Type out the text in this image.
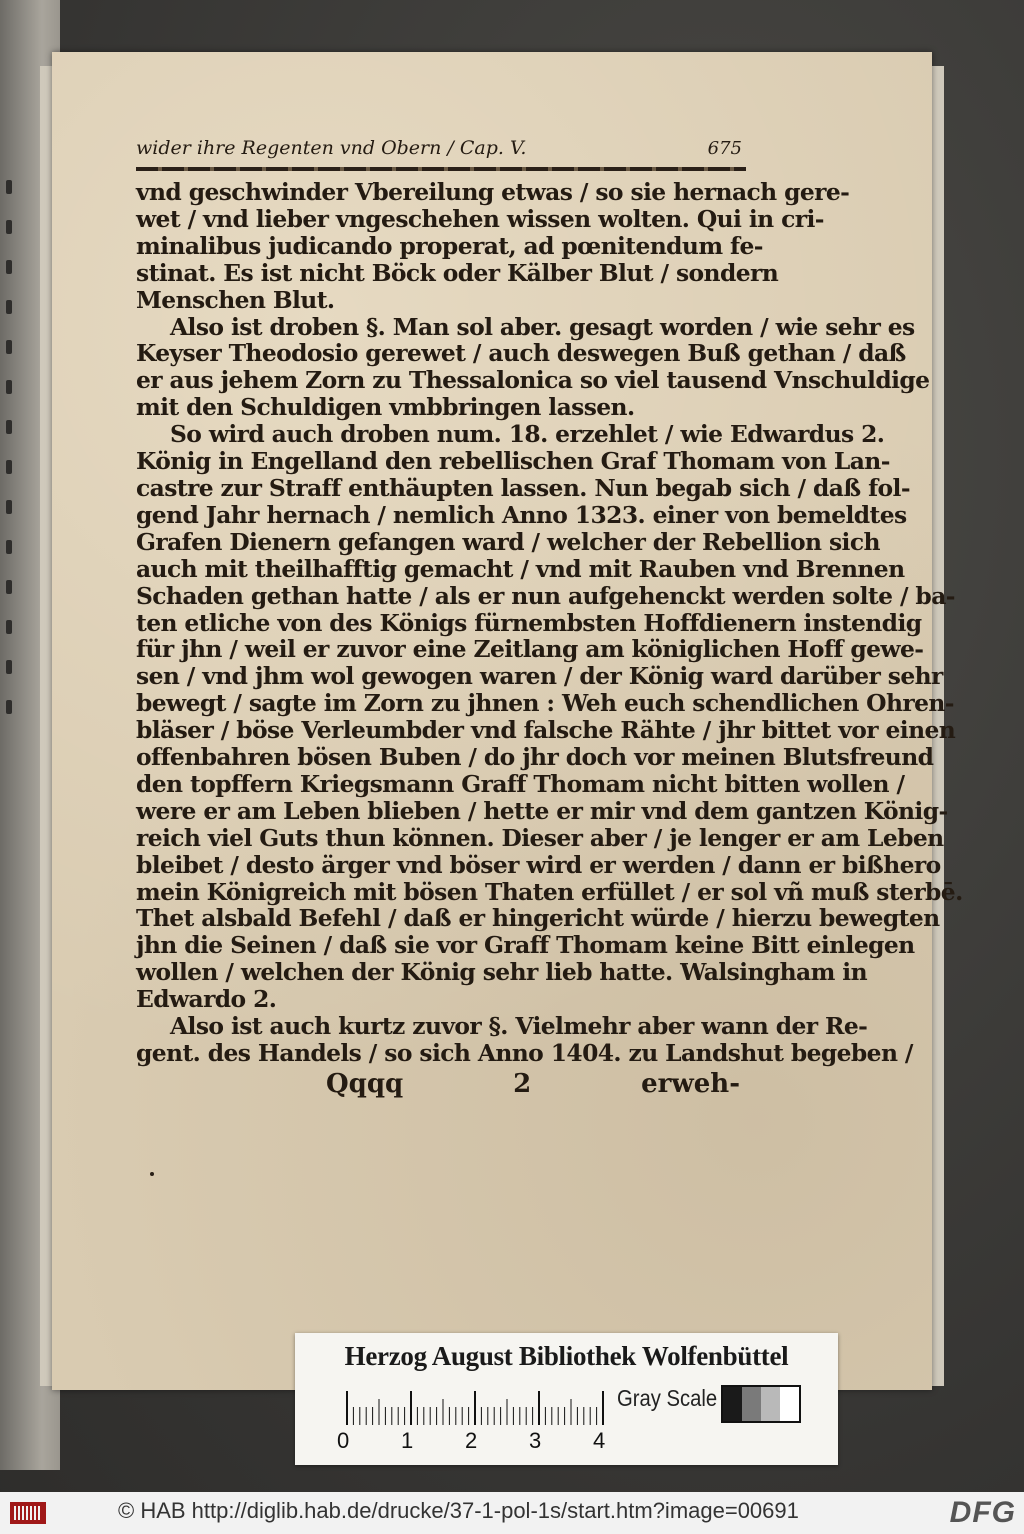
wider ihre Regenten vnd Obern / Cap. V.	675
vnd geschwinder Vbereilung etwas / so sie hernach gere-
wet / vnd lieber vngeschehen wissen wolten. Qui in cri-
minalibus judicando properat, ad pœnitendum fe-
stinat. Es ist nicht Böck oder Kälber Blut / sondern
Menschen Blut.
Also ist droben §. Man sol aber. gesagt worden / wie sehr es
Keyser Theodosio gerewet / auch deswegen Buß gethan / daß
er aus jehem Zorn zu Thessalonica so viel tausend Vnschuldige
mit den Schuldigen vmbbringen lassen.
So wird auch droben num. 18. erzehlet / wie Edwardus 2.
König in Engelland den rebellischen Graf Thomam von Lan-
castre zur Straff enthäupten lassen. Nun begab sich / daß fol-
gend Jahr hernach / nemlich Anno 1323. einer von bemeldtes
Grafen Dienern gefangen ward / welcher der Rebellion sich
auch mit theilhafftig gemacht / vnd mit Rauben vnd Brennen
Schaden gethan hatte / als er nun aufgehenckt werden solte / ba-
ten etliche von des Königs fürnembsten Hoffdienern instendig
für jhn / weil er zuvor eine Zeitlang am königlichen Hoff gewe-
sen / vnd jhm wol gewogen waren / der König ward darüber sehr
bewegt / sagte im Zorn zu jhnen : Weh euch schendlichen Ohren-
bläser / böse Verleumbder vnd falsche Rähte / jhr bittet vor einen
offenbahren bösen Buben / do jhr doch vor meinen Blutsfreund
den topffern Kriegsmann Graff Thomam nicht bitten wollen /
were er am Leben blieben / hette er mir vnd dem gantzen König-
reich viel Guts thun können. Dieser aber / je lenger er am Leben
bleibet / desto ärger vnd böser wird er werden / dann er bißhero
mein Königreich mit bösen Thaten erfüllet / er sol vñ muß sterbē.
Thet alsbald Befehl / daß er hingericht würde / hierzu bewegten
jhn die Seinen / daß sie vor Graff Thomam keine Bitt einlegen
wollen / welchen der König sehr lieb hatte. Walsingham in
Edwardo 2.
Also ist auch kurtz zuvor §. Vielmehr aber wann der Re-
gent. des Handels / so sich Anno 1404. zu Landshut begeben /
Qqqq	2	erweh-
Herzog August Bibliothek Wolfenbüttel
0 1 2 3 4
Gray Scale
© HAB http://diglib.hab.de/drucke/37-1-pol-1s/start.htm?image=00691	DFG
